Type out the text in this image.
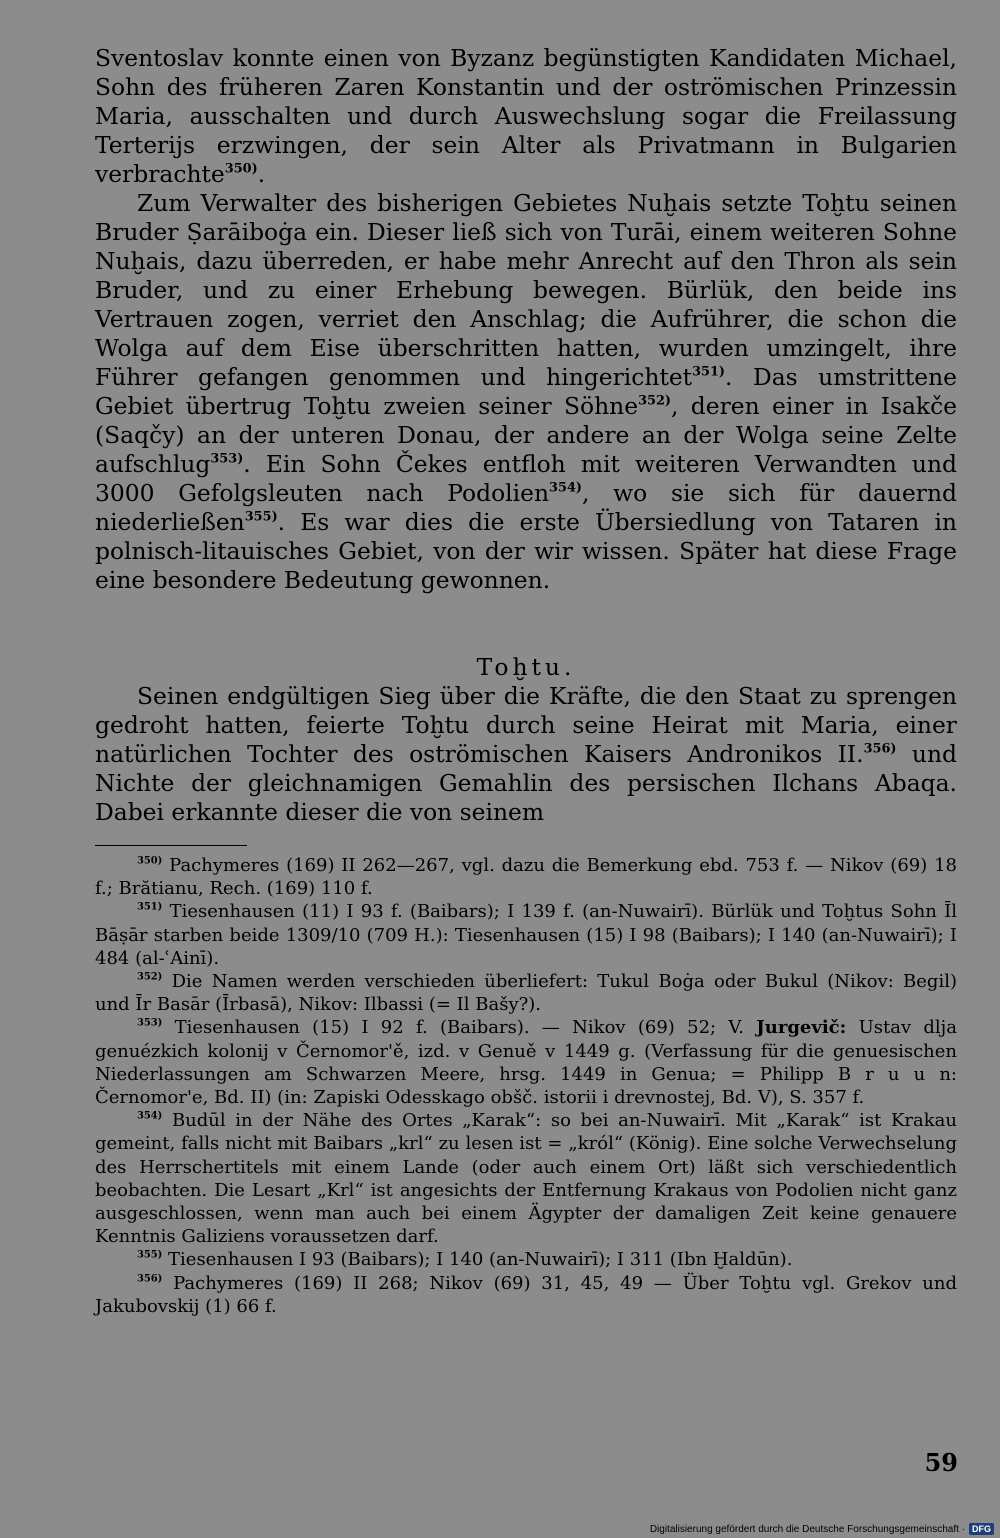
Sventoslav konnte einen von Byzanz begünstigten Kandidaten Michael, Sohn des früheren Zaren Konstantin und der oströmischen Prinzessin Maria, ausschalten und durch Auswechslung sogar die Freilassung Terterijs erzwingen, der sein Alter als Privatmann in Bulgarien verbrachte$^{350)}$.

Zum Verwalter des bisherigen Gebietes Nuḫais setzte Toḫtu seinen Bruder Ṣarāiboġa ein. Dieser ließ sich von Turāi, einem weiteren Sohne Nuḫais, dazu überreden, er habe mehr Anrecht auf den Thron als sein Bruder, und zu einer Erhebung bewegen. Bürlük, den beide ins Vertrauen zogen, verriet den Anschlag; die Aufrührer, die schon die Wolga auf dem Eise überschritten hatten, wurden umzingelt, ihre Führer gefangen genommen und hingerichtet$^{351)}$. Das umstrittene Gebiet übertrug Toḫtu zweien seiner Söhne$^{352)}$, deren einer in Isakče (Saqčy) an der unteren Donau, der andere an der Wolga seine Zelte aufschlug$^{353)}$. Ein Sohn Čekes entfloh mit weiteren Verwandten und 3000 Gefolgsleuten nach Podolien$^{354)}$, wo sie sich für dauernd niederließen$^{355)}$. Es war dies die erste Übersiedlung von Tataren in polnisch-litauisches Gebiet, von der wir wissen. Später hat diese Frage eine besondere Bedeutung gewonnen.

Toḫtu.

Seinen endgültigen Sieg über die Kräfte, die den Staat zu sprengen gedroht hatten, feierte Toḫtu durch seine Heirat mit Maria, einer natürlichen Tochter des oströmischen Kaisers Andronikos II.$^{356)}$ und Nichte der gleichnamigen Gemahlin des persischen Ilchans Abaqa. Dabei erkannte dieser die von seinem

$^{350)}$ Pachymeres (169) II 262—267, vgl. dazu die Bemerkung ebd. 753 f. — Nikov (69) 18 f.; Brătianu, Rech. (169) 110 f.

$^{351)}$ Tiesenhausen (11) I 93 f. (Baibars); I 139 f. (an-Nuwairī). Bürlük und Toḫtus Sohn Īl Bāṣār starben beide 1309/10 (709 H.): Tiesenhausen (15) I 98 (Baibars); I 140 (an-Nuwairī); I 484 (al-ʿAinī).

$^{352)}$ Die Namen werden verschieden überliefert: Tukul Boġa oder Bukul (Nikov: Begil) und Īr Basār (Īrbasā), Nikov: Ilbassi (= Il Bašy?).

$^{353)}$ Tiesenhausen (15) I 92 f. (Baibars). — Nikov (69) 52; V. Jurgevič: Ustav dlja genuézkich kolonij v Černomor'ě, izd. v Genuě v 1449 g. (Verfassung für die genuesischen Niederlassungen am Schwarzen Meere, hrsg. 1449 in Genua; = Philipp B r u u n: Černomor'e, Bd. II) (in: Zapiski Odesskago obšč. istorii i drevnostej, Bd. V), S. 357 f.

$^{354)}$ Budūl in der Nähe des Ortes „Karak“: so bei an-Nuwairī. Mit „Karak“ ist Krakau gemeint, falls nicht mit Baibars „krl“ zu lesen ist = „król“ (König). Eine solche Verwechselung des Herrschertitels mit einem Lande (oder auch einem Ort) läßt sich verschiedentlich beobachten. Die Lesart „Krl“ ist angesichts der Entfernung Krakaus von Podolien nicht ganz ausgeschlossen, wenn man auch bei einem Ägypter der damaligen Zeit keine genauere Kenntnis Galiziens voraussetzen darf.

$^{355)}$ Tiesenhausen I 93 (Baibars); I 140 (an-Nuwairī); I 311 (Ibn Ḫaldūn).

$^{356)}$ Pachymeres (169) II 268; Nikov (69) 31, 45, 49 — Über Toḫtu vgl. Grekov und Jakubovskij (1) 66 f.

59
Digitalisierung gefördert durch die Deutsche Forschungsgemeinschaft · DFG
